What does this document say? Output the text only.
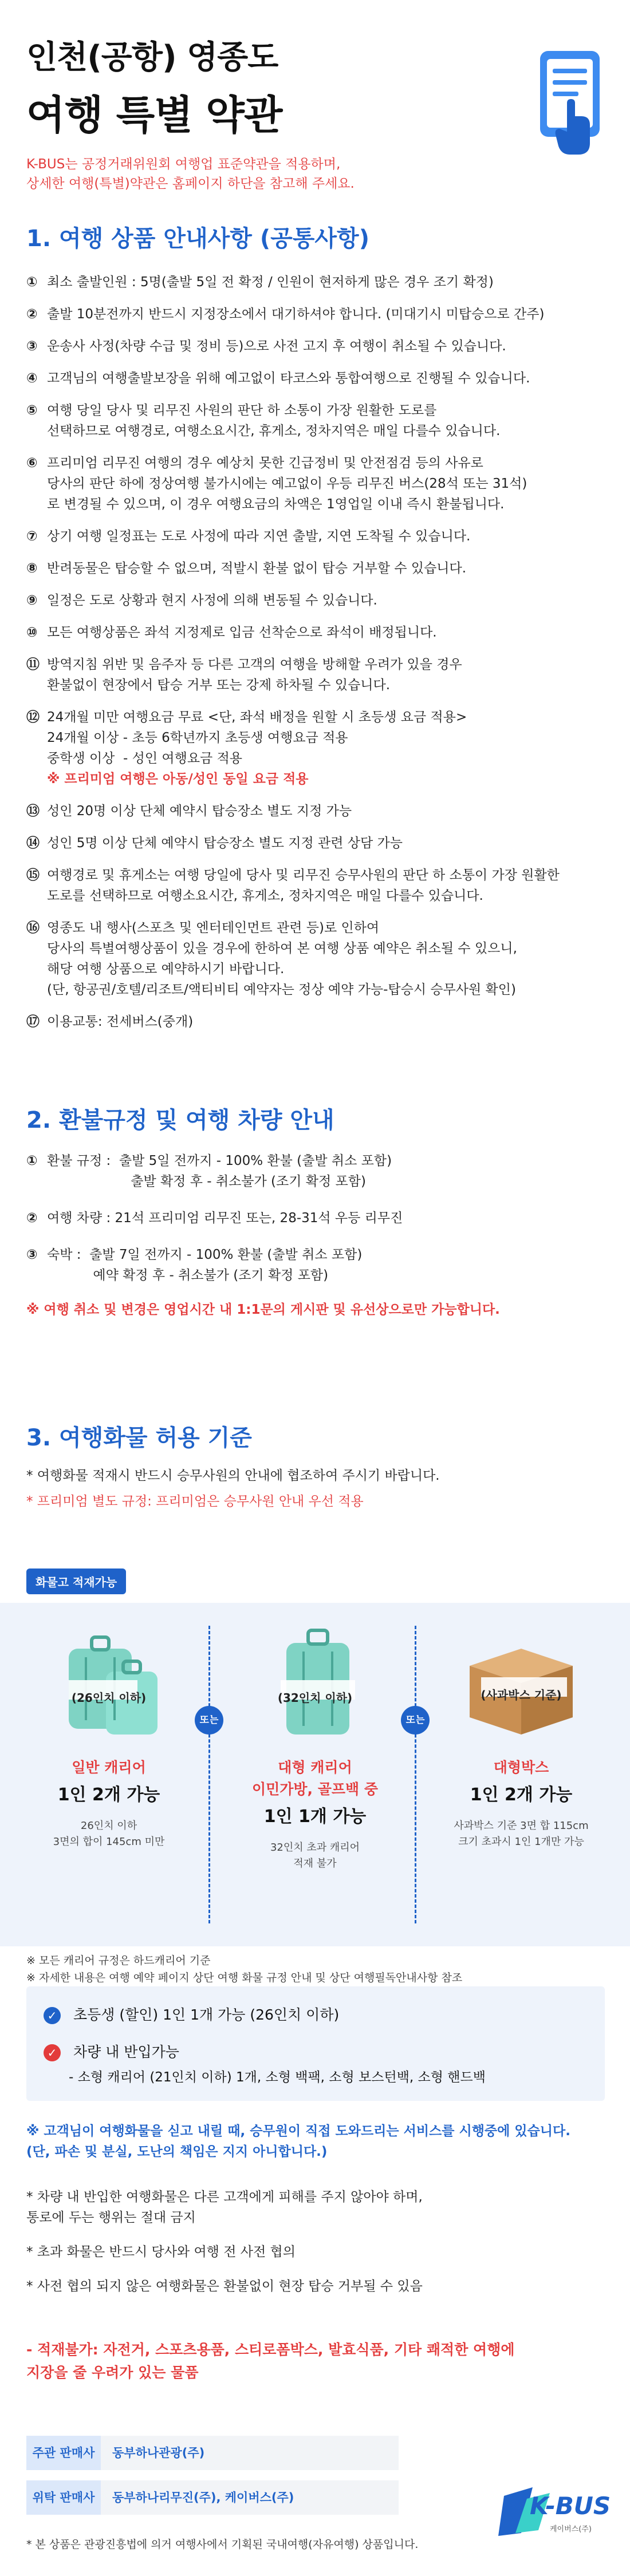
인천(공항) 영종도
여행 특별 약관
K-BUS는 공정거래위원회 여행업 표준약관을 적용하며,
상세한 여행(특별)약관은 홈페이지 하단을 참고해 주세요.
1. 여행 상품 안내사항 (공통사항)
① 최소 출발인원 : 5명(출발 5일 전 확정 / 인원이 현저하게 많은 경우 조기 확정)
② 출발 10분전까지 반드시 지정장소에서 대기하셔야 합니다. (미대기시 미탑승으로 간주)
③ 운송사 사정(차량 수급 및 정비 등)으로 사전 고지 후 여행이 취소될 수 있습니다.
④ 고객님의 여행출발보장을 위해 예고없이 타코스와 통합여행으로 진행될 수 있습니다.
⑤ 여행 당일 당사 및 리무진 사원의 판단 하 소통이 가장 원활한 도로를
선택하므로 여행경로, 여행소요시간, 휴게소, 정차지역은 매일 다를수 있습니다.
⑥ 프리미엄 리무진 여행의 경우 예상치 못한 긴급정비 및 안전점검 등의 사유로
당사의 판단 하에 정상여행 불가시에는 예고없이 우등 리무진 버스(28석 또는 31석)
로 변경될 수 있으며, 이 경우 여행요금의 차액은 1영업일 이내 즉시 환불됩니다.
⑦ 상기 여행 일정표는 도로 사정에 따라 지연 출발, 지연 도착될 수 있습니다.
⑧ 반려동물은 탑승할 수 없으며, 적발시 환불 없이 탑승 거부할 수 있습니다.
⑨ 일정은 도로 상황과 현지 사정에 의해 변동될 수 있습니다.
⑩ 모든 여행상품은 좌석 지정제로 입금 선착순으로 좌석이 배정됩니다.
⑪ 방역지침 위반 및 음주자 등 다른 고객의 여행을 방해할 우려가 있을 경우
환불없이 현장에서 탑승 거부 또는 강제 하차될 수 있습니다.
⑫ 24개월 미만 여행요금 무료 <단, 좌석 배정을 원할 시 초등생 요금 적용>
24개월 이상 - 초등 6학년까지 초등생 여행요금 적용
중학생 이상  - 성인 여행요금 적용
※ 프리미엄 여행은 아동/성인 동일 요금 적용
⑬ 성인 20명 이상 단체 예약시 탑승장소 별도 지정 가능
⑭ 성인 5명 이상 단체 예약시 탑승장소 별도 지정 관련 상담 가능
⑮ 여행경로 및 휴게소는 여행 당일에 당사 및 리무진 승무사원의 판단 하 소통이 가장 원활한
도로를 선택하므로 여행소요시간, 휴게소, 정차지역은 매일 다를수 있습니다.
⑯ 영종도 내 행사(스포츠 및 엔터테인먼트 관련 등)로 인하여
당사의 특별여행상품이 있을 경우에 한하여 본 여행 상품 예약은 취소될 수 있으니,
해당 여행 상품으로 예약하시기 바랍니다.
(단, 항공권/호텔/리조트/액티비티 예약자는 정상 예약 가능-탑승시 승무사원 확인)
⑰ 이용교통: 전세버스(중개)
2. 환불규정 및 여행 차량 안내
① 환불 규정 :  출발 5일 전까지 - 100% 환불 (출발 취소 포함)
출발 확정 후 - 취소불가 (조기 확정 포함)
② 여행 차량 : 21석 프리미엄 리무진 또는, 28-31석 우등 리무진
③ 숙박 :  출발 7일 전까지 - 100% 환불 (출발 취소 포함)
예약 확정 후 - 취소불가 (조기 확정 포함)
※ 여행 취소 및 변경은 영업시간 내 1:1문의 게시판 및 유선상으로만 가능합니다.
3. 여행화물 허용 기준
* 여행화물 적재시 반드시 승무사원의 안내에 협조하여 주시기 바랍니다.
* 프리미엄 별도 규정: 프리미엄은 승무사원 안내 우선 적용
화물고 적재가능
(26인치 이하)
일반 캐리어
1인 2개 가능
26인치 이하
3면의 합이 145cm 미만
또는
(32인치 이하)
대형 캐리어
이민가방, 골프백 중
1인 1개 가능
32인치 초과 캐리어
적재 불가
또는
(사과박스 기준)
대형박스
1인 2개 가능
사과박스 기준 3면 합 115cm
크기 초과시 1인 1개만 가능
※ 모든 캐리어 규정은 하드캐리어 기준
※ 자세한 내용은 여행 예약 페이지 상단 여행 화물 규정 안내 및 상단 여행필독안내사항 참조
✓ 초등생 (할인) 1인 1개 가능 (26인치 이하)
✓ 차량 내 반입가능
- 소형 캐리어 (21인치 이하) 1개, 소형 백팩, 소형 보스턴백, 소형 핸드백
※ 고객님이 여행화물을 싣고 내릴 때, 승무원이 직접 도와드리는 서비스를 시행중에 있습니다.
(단, 파손 및 분실, 도난의 책임은 지지 아니합니다.)
* 차량 내 반입한 여행화물은 다른 고객에게 피해를 주지 않아야 하며,
통로에 두는 행위는 절대 금지
* 초과 화물은 반드시 당사와 여행 전 사전 협의
* 사전 협의 되지 않은 여행화물은 환불없이 현장 탑승 거부될 수 있음
- 적재불가: 자전거, 스포츠용품, 스티로폼박스, 발효식품, 기타 쾌적한 여행에
지장을 줄 우려가 있는 물품
주관 판매사	동부하나관광(주)
위탁 판매사	동부하나리무진(주), 케이버스(주)	K-BUS
케이버스(주)
* 본 상품은 관광진흥법에 의거 여행사에서 기획된 국내여행(자유여행) 상품입니다.
